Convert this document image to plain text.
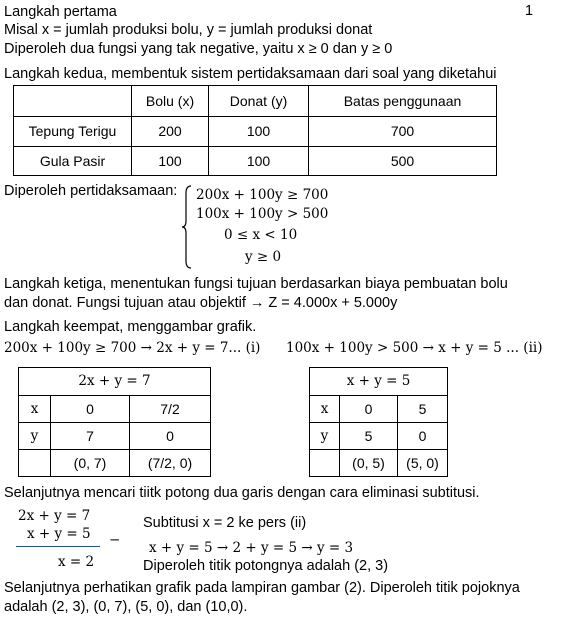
1
Langkah pertama
Misal x = jumlah produksi bolu, y = jumlah produksi donat
Diperoleh dua fungsi yang tak negative, yaitu x ≥ 0 dan y ≥ 0
Langkah kedua, membentuk sistem pertidaksamaan dari soal yang diketahui
	Bolu (x)	Donat (y)	Batas penggunaan
Tepung Terigu	200	100	700
Gula Pasir	100	100	500
Diperoleh pertidaksamaan: 200x + 100y ≥ 700
100x + 100y > 500
0 ≤ x < 10
y ≥ 0
Langkah ketiga, menentukan fungsi tujuan berdasarkan biaya pembuatan bolu
dan donat. Fungsi tujuan atau objektif → Z = 4.000x + 5.000y
Langkah keempat, menggambar grafik.
200x + 100y ≥ 700 → 2x + y = 7... (i) 100x + 100y > 500 → x + y = 5 ... (ii)
2x + y = 7		
x	0	7/2
y	7	0
	(0, 7)	(7/2, 0)
x + y = 5		
x	0	5
y	5	0
	(0, 5)	(5, 0)
Selanjutnya mencari tiitk potong dua garis dengan cara eliminasi subtitusi.
2x + y = 7
x + y = 5 −
x = 2
Subtitusi x = 2 ke pers (ii)
x + y = 5 → 2 + y = 5 → y = 3
Diperoleh titik potongnya adalah (2, 3)
Selanjutnya perhatikan grafik pada lampiran gambar (2). Diperoleh titik pojoknya
adalah (2, 3), (0, 7), (5, 0), dan (10,0).
